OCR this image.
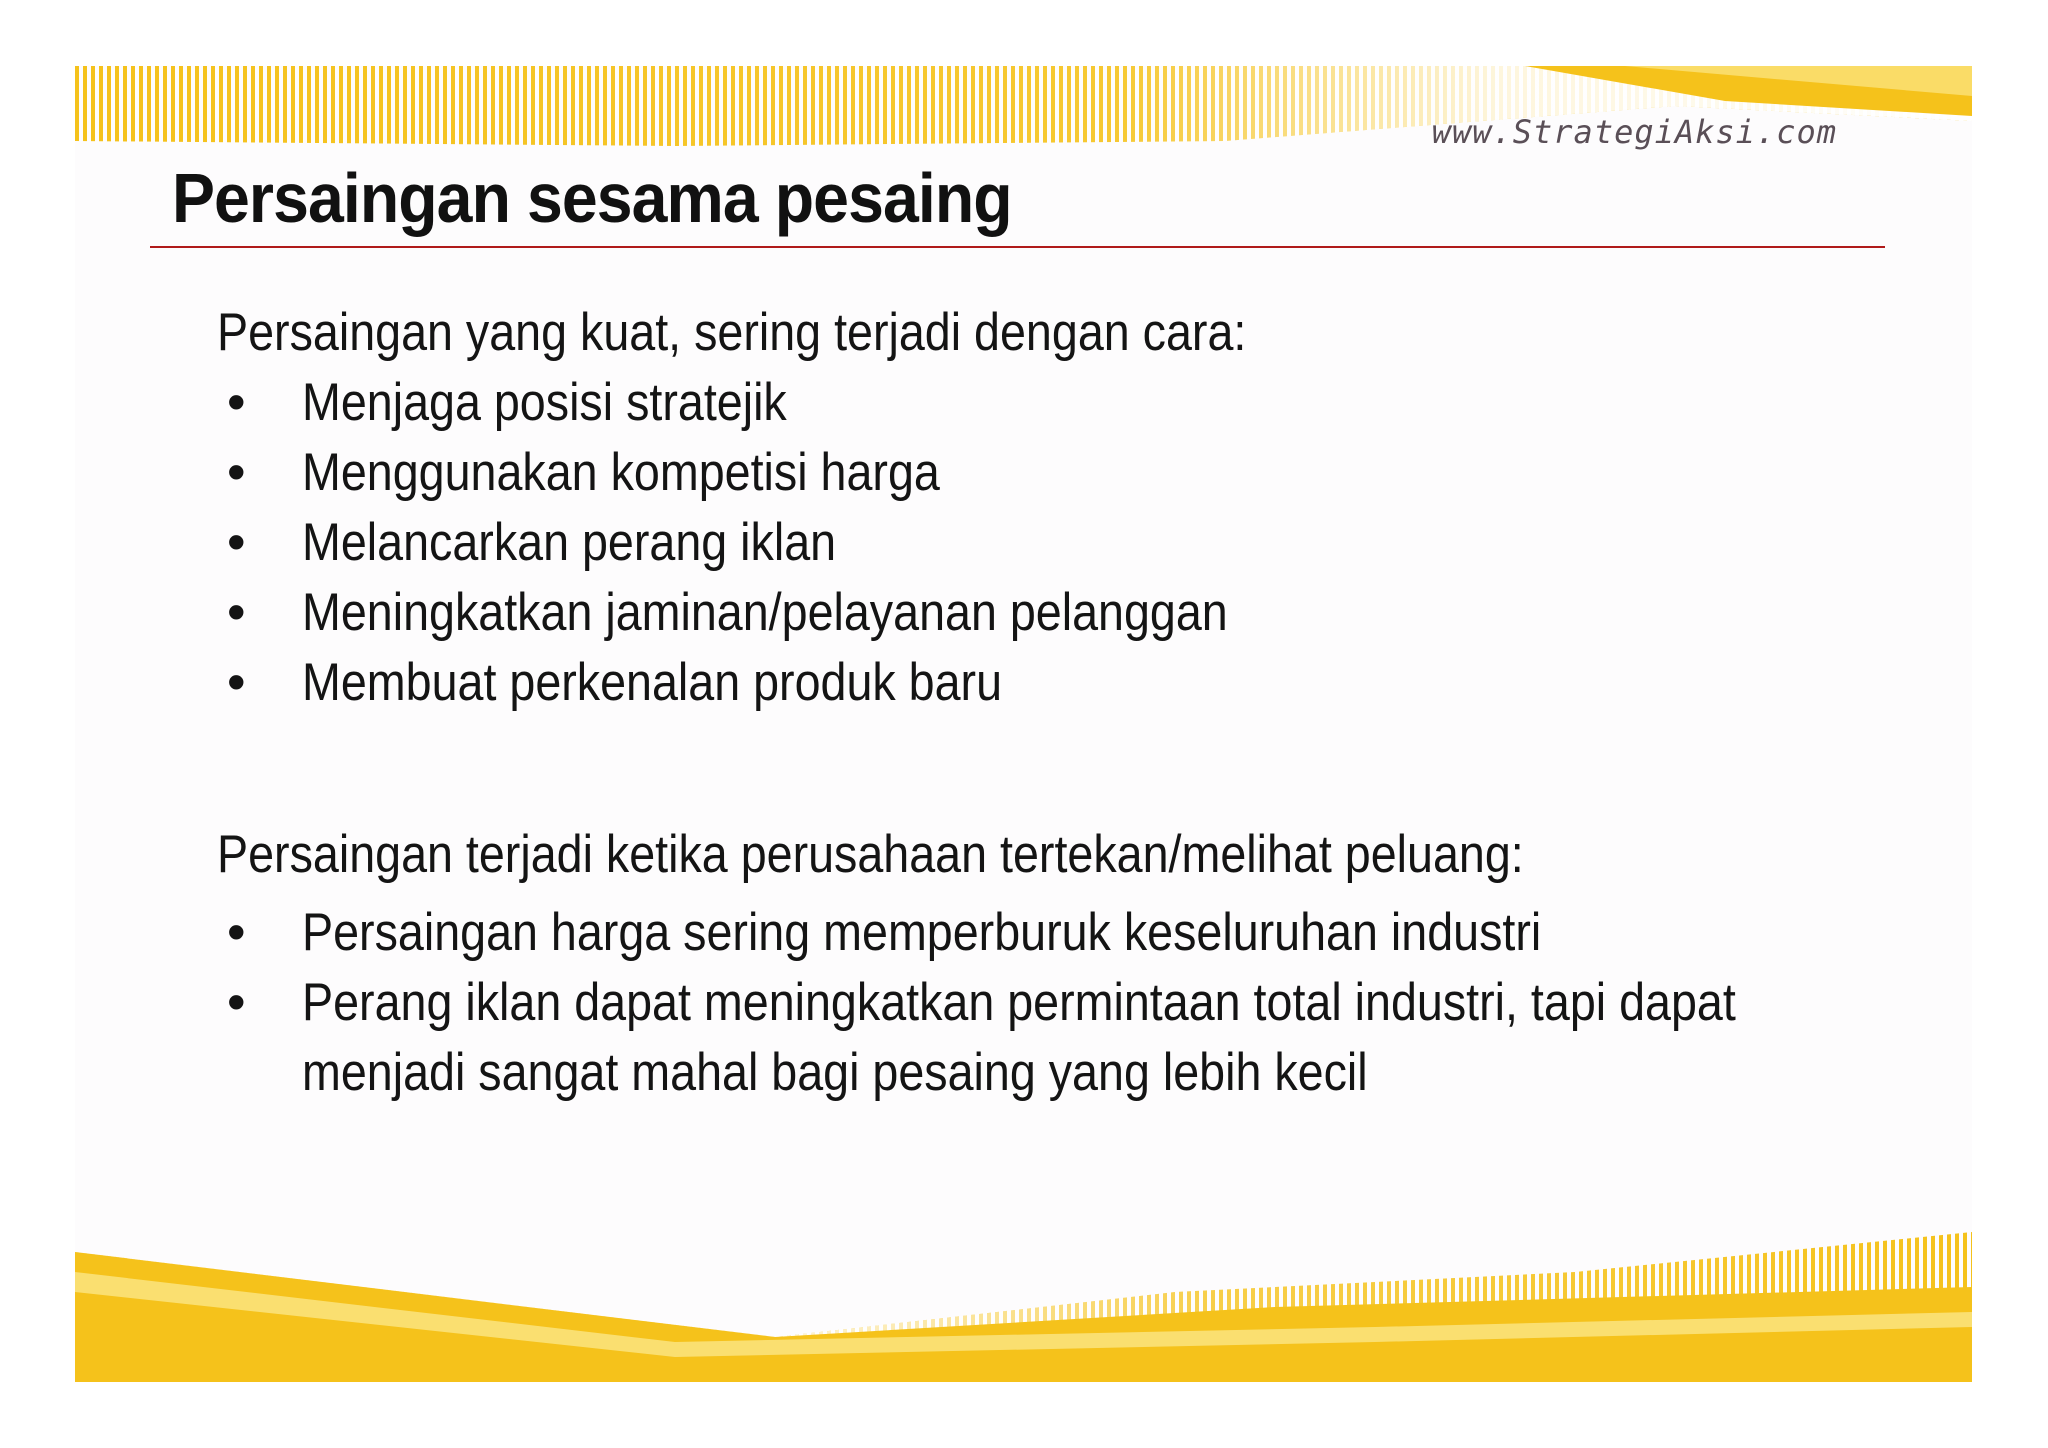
www.StrategiAksi.com
Persaingan sesama pesaing

Persaingan yang kuat, sering terjadi dengan cara:

•	Menjaga posisi stratejik
•	Menggunakan kompetisi harga
•	Melancarkan perang iklan
•	Meningkatkan jaminan/pelayanan pelanggan
•	Membuat perkenalan produk baru

Persaingan terjadi ketika perusahaan tertekan/melihat peluang:

•	Persaingan harga sering memperburuk keseluruhan industri
•	Perang iklan dapat meningkatkan permintaan total industri, tapi dapat
menjadi sangat mahal bagi pesaing yang lebih kecil
